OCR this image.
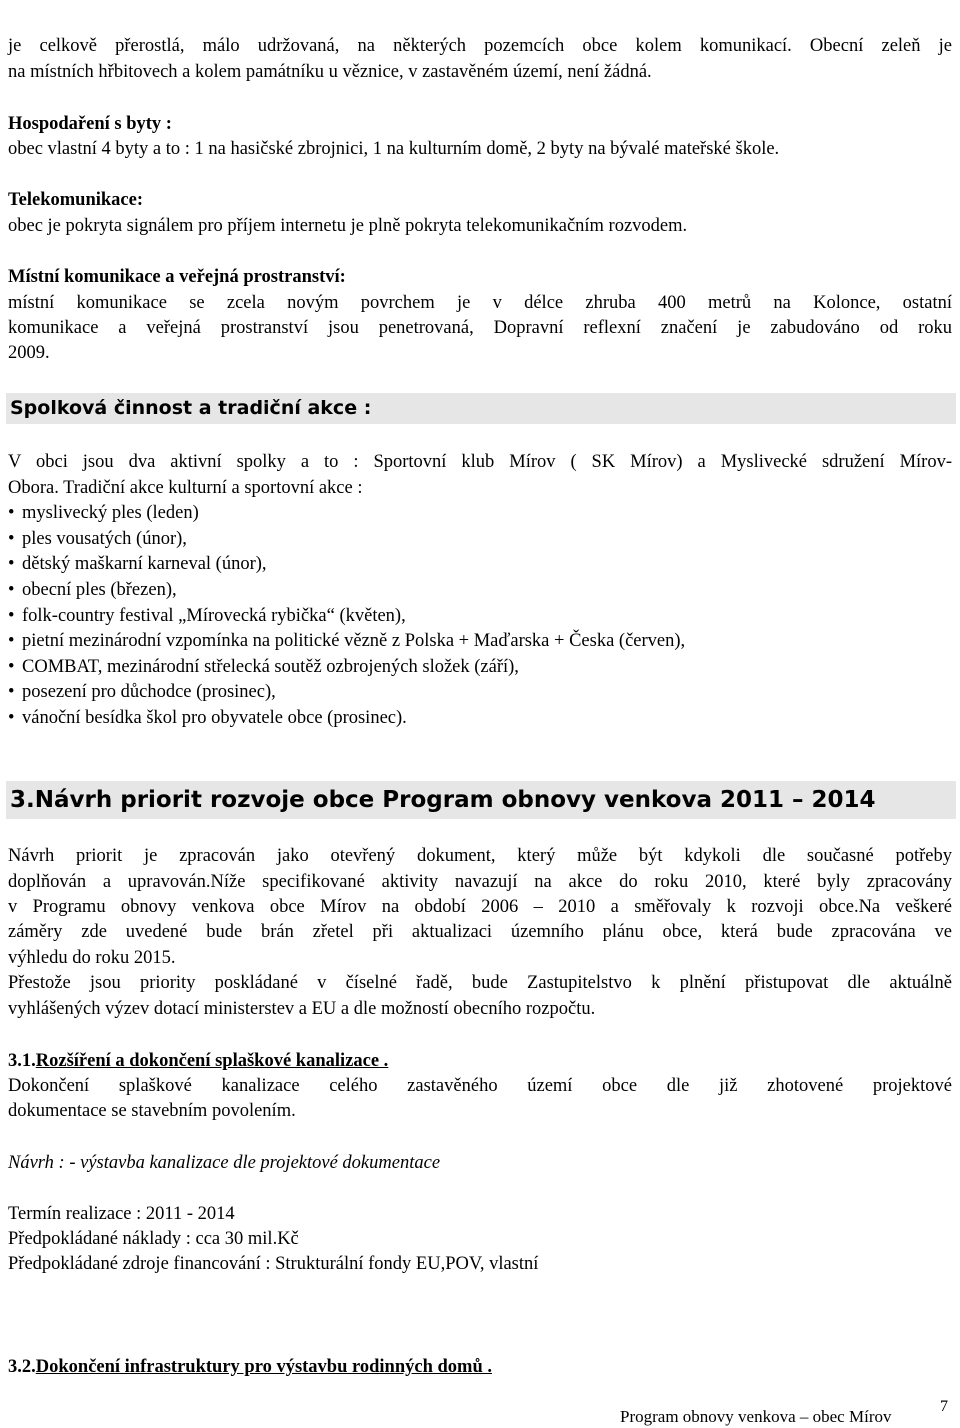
je celkově přerostlá, málo udržovaná, na některých pozemcích obce kolem komunikací. Obecní zeleň je
na místních hřbitovech a kolem památníku u věznice, v zastavěném území, není žádná.
Hospodaření s byty :
obec vlastní 4 byty a to : 1 na hasičské zbrojnici, 1 na kulturním domě, 2 byty na bývalé mateřské škole.
Telekomunikace:
obec je pokryta signálem pro příjem internetu je plně pokryta telekomunikačním rozvodem.
Místní komunikace a veřejná prostranství:
místní komunikace se zcela novým povrchem je v délce zhruba 400 metrů na Kolonce, ostatní
komunikace a veřejná prostranství jsou penetrovaná, Dopravní reflexní značení je zabudováno od roku
2009.
Spolková činnost a tradiční akce :
V obci jsou dva aktivní spolky a to : Sportovní klub Mírov ( SK Mírov) a Myslivecké sdružení Mírov-
Obora. Tradiční akce kulturní a sportovní akce :
• myslivecký ples (leden)
• ples vousatých (únor),
• dětský maškarní karneval (únor),
• obecní ples (březen),
• folk-country festival „Mírovecká rybička“ (květen),
• pietní mezinárodní vzpomínka na politické vězně z Polska + Maďarska + Česka (červen),
• COMBAT, mezinárodní střelecká soutěž ozbrojených složek (září),
• posezení pro důchodce (prosinec),
• vánoční besídka škol pro obyvatele obce (prosinec).
3.Návrh priorit rozvoje obce Program obnovy venkova 2011 – 2014
Návrh priorit je zpracován jako otevřený dokument, který může být kdykoli dle současné potřeby
doplňován a upravován.Níže specifikované aktivity navazují na akce do roku 2010, které byly zpracovány
v Programu obnovy venkova obce Mírov na období 2006 – 2010 a směřovaly k rozvoji obce.Na veškeré
záměry zde uvedené bude brán zřetel při aktualizaci územního plánu obce, která bude zpracována ve
výhledu do roku 2015.
Přestože jsou priority poskládané v číselné řadě, bude Zastupitelstvo k plnění přistupovat dle aktuálně
vyhlášených výzev dotací ministerstev a EU a dle možností obecního rozpočtu.
3.1.Rozšíření a dokončení splaškové kanalizace .
Dokončení splaškové kanalizace celého zastavěného území obce dle již zhotovené projektové
dokumentace se stavebním povolením.
Návrh : - výstavba kanalizace dle projektové dokumentace
Termín realizace : 2011 - 2014
Předpokládané náklady : cca 30 mil.Kč
Předpokládané zdroje financování : Strukturální fondy EU,POV, vlastní
3.2.Dokončení infrastruktury pro výstavbu rodinných domů .
Program obnovy venkova – obec Mírov
7
